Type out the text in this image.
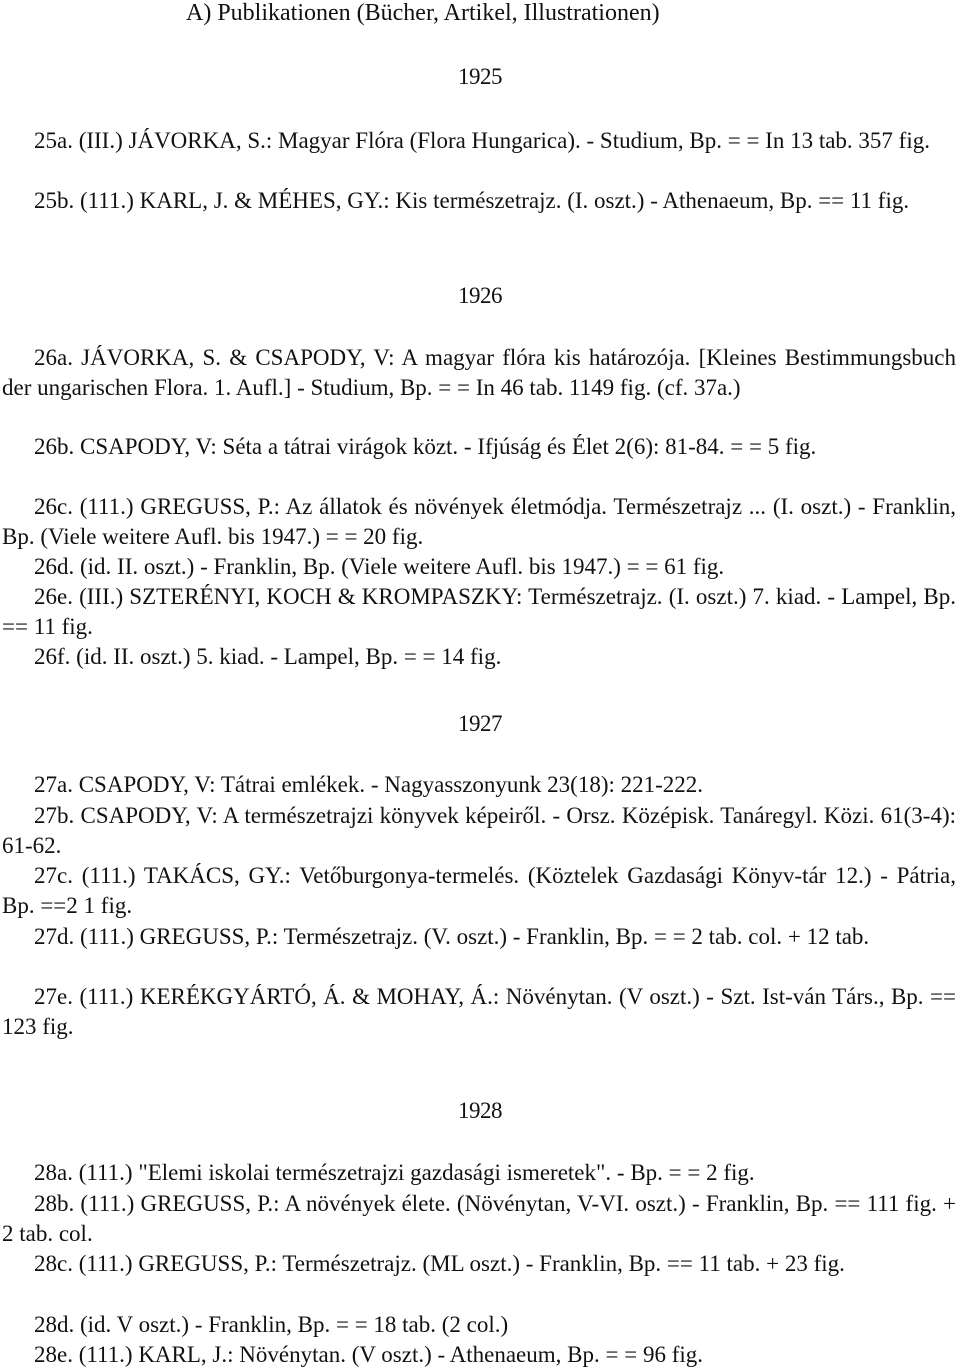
A) Publikationen (Bücher, Artikel, Illustrationen)
1925
25a. (III.) JÁVORKA, S.: Magyar Flóra (Flora Hungarica). - Studium, Bp. = = In 13 tab. 357 fig.
25b. (111.) KARL, J. & MÉHES, GY.: Kis természetrajz. (I. oszt.) - Athenaeum, Bp. == 11 fig.
1926
26a. JÁVORKA, S. & CSAPODY, V: A magyar flóra kis határozója. [Kleines Bestimmungsbuch der ungarischen Flora. 1. Aufl.] - Studium, Bp. = = In 46 tab. 1149 fig. (cf. 37a.)
26b. CSAPODY, V: Séta a tátrai virágok közt. - Ifjúság és Élet 2(6): 81-84. = = 5 fig.
26c. (111.) GREGUSS, P.: Az állatok és növények életmódja. Természetrajz ... (I. oszt.) - Franklin, Bp. (Viele weitere Aufl. bis 1947.) = = 20 fig.
26d. (id. II. oszt.) - Franklin, Bp. (Viele weitere Aufl. bis 1947.) = = 61 fig.
26e. (III.) SZTERÉNYI, KOCH & KROMPASZKY: Természetrajz. (I. oszt.) 7. kiad. - Lampel, Bp. == 11 fig.
26f. (id. II. oszt.) 5. kiad. - Lampel, Bp. = = 14 fig.
1927
27a. CSAPODY, V: Tátrai emlékek. - Nagyasszonyunk 23(18): 221-222.
27b. CSAPODY, V: A természetrajzi könyvek képeiről. - Orsz. Középisk. Tanáregyl. Közi. 61(3-4): 61-62.
27c. (111.) TAKÁCS, GY.: Vetőburgonya-termelés. (Köztelek Gazdasági Könyv-tár 12.) - Pátria, Bp. ==2 1 fig.
27d. (111.) GREGUSS, P.: Természetrajz. (V. oszt.) - Franklin, Bp. = = 2 tab. col. + 12 tab.
27e. (111.) KERÉKGYÁRTÓ, Á. & MOHAY, Á.: Növénytan. (V oszt.) - Szt. Ist-ván Társ., Bp. == 123 fig.
1928
28a. (111.) "Elemi iskolai természetrajzi gazdasági ismeretek". - Bp. = = 2 fig.
28b. (111.) GREGUSS, P.: A növények élete. (Növénytan, V-VI. oszt.) - Franklin, Bp. == 111 fig. + 2 tab. col.
28c. (111.) GREGUSS, P.: Természetrajz. (ML oszt.) - Franklin, Bp. == 11 tab. + 23 fig.
28d. (id. V oszt.) - Franklin, Bp. = = 18 tab. (2 col.)
28e. (111.) KARL, J.: Növénytan. (V oszt.) - Athenaeum, Bp. = = 96 fig.
